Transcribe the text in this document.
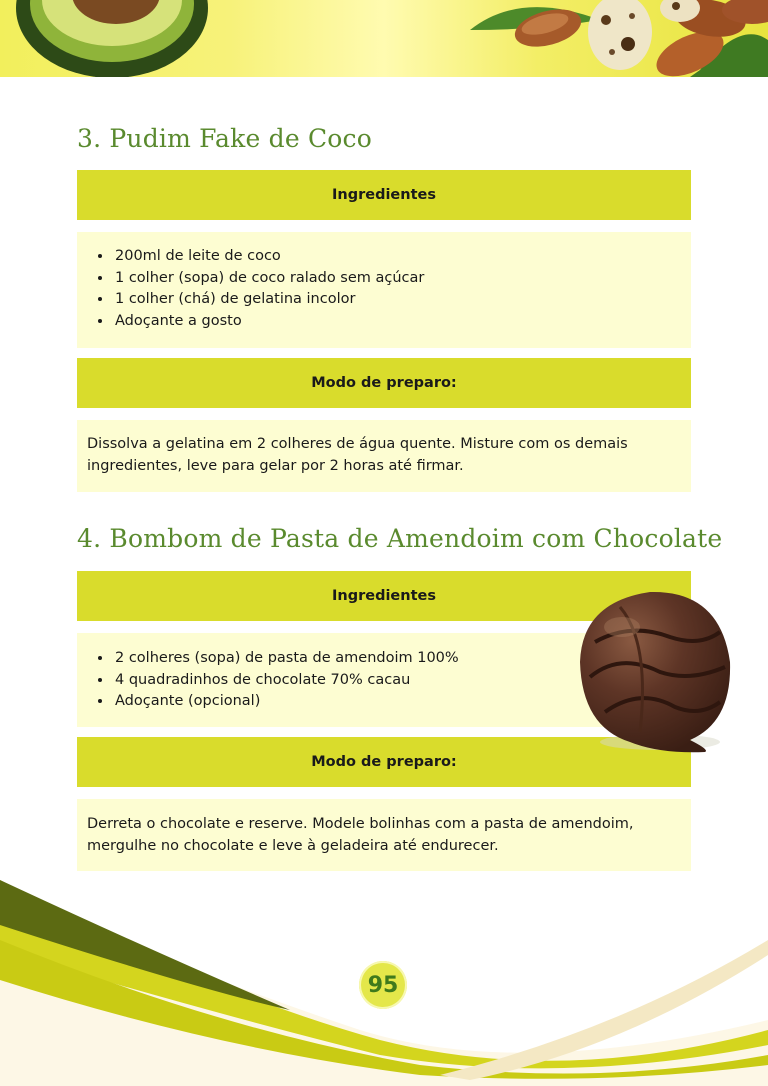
3. Pudim Fake de Coco
Ingredientes
• 200ml de leite de coco
• 1 colher (sopa) de coco ralado sem açúcar
• 1 colher (chá) de gelatina incolor
• Adoçante a gosto
Modo de preparo:

Dissolva a gelatina em 2 colheres de água quente. Misture com os demais
ingredientes, leve para gelar por 2 horas até firmar.

4. Bombom de Pasta de Amendoim com Chocolate
Ingredientes
• 2 colheres (sopa) de pasta de amendoim 100%
• 4 quadradinhos de chocolate 70% cacau
• Adoçante (opcional)
Modo de preparo:

Derreta o chocolate e reserve. Modele bolinhas com a pasta de amendoim,
mergulhe no chocolate e leve à geladeira até endurecer.

95
